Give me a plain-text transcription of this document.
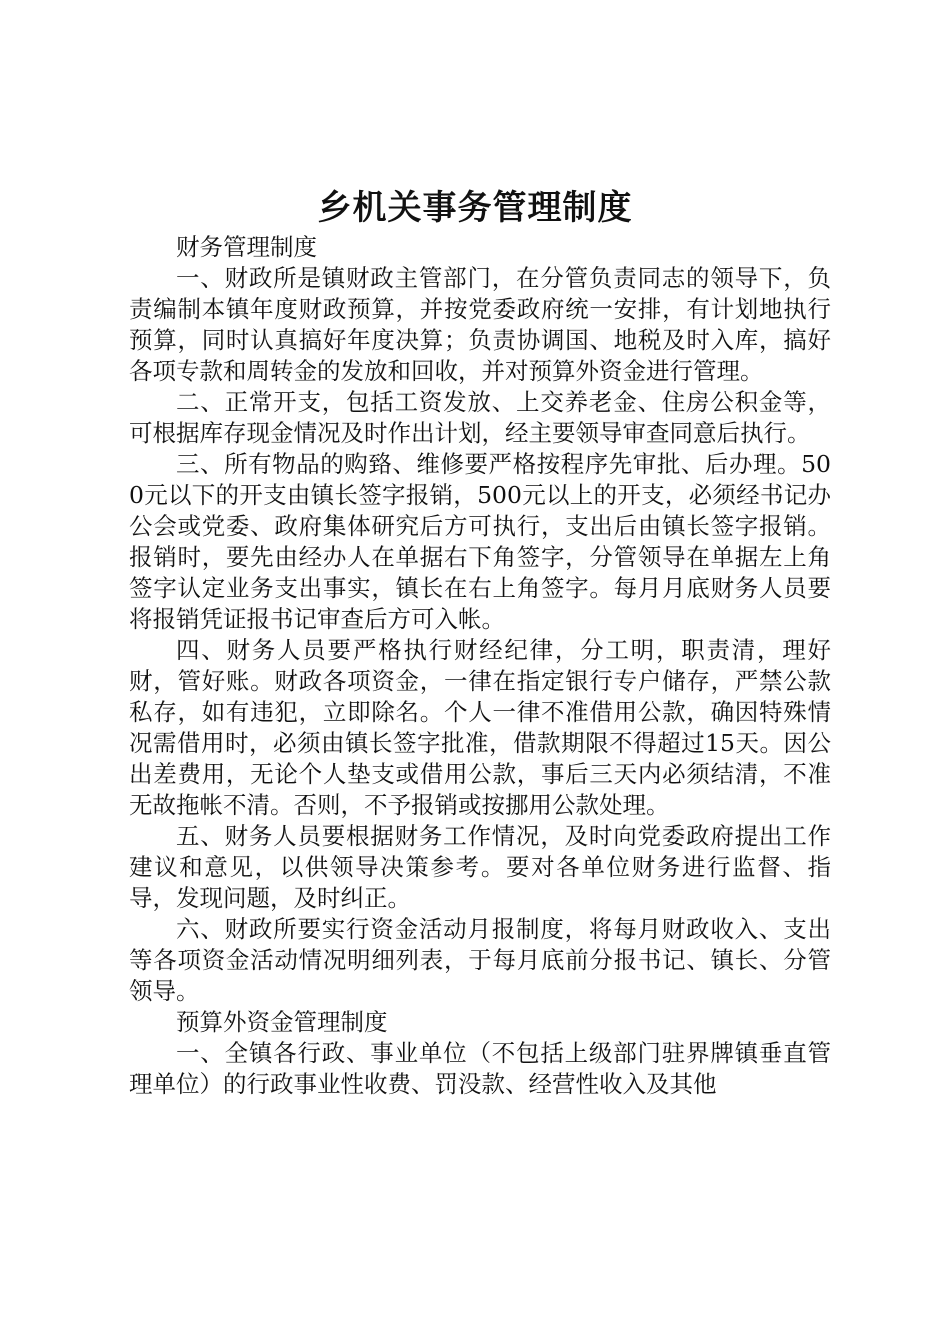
乡机关事务管理制度

财务管理制度

一、财政所是镇财政主管部门，在分管负责同志的领导下，负责编制本镇年度财政预算，并按党委政府统一安排，有计划地执行预算，同时认真搞好年度决算；负责协调国、地税及时入库，搞好各项专款和周转金的发放和回收，并对预算外资金进行管理。

二、正常开支，包括工资发放、上交养老金、住房公积金等，可根据库存现金情况及时作出计划，经主要领导审查同意后执行。

三、所有物品的购臵、维修要严格按程序先审批、后办理。500元以下的开支由镇长签字报销，500元以上的开支，必须经书记办公会或党委、政府集体研究后方可执行，支出后由镇长签字报销。报销时，要先由经办人在单据右下角签字，分管领导在单据左上角签字认定业务支出事实，镇长在右上角签字。每月月底财务人员要将报销凭证报书记审查后方可入帐。

四、财务人员要严格执行财经纪律，分工明，职责清，理好财，管好账。财政各项资金，一律在指定银行专户储存，严禁公款私存，如有违犯，立即除名。个人一律不准借用公款，确因特殊情况需借用时，必须由镇长签字批准，借款期限不得超过15天。因公出差费用，无论个人垫支或借用公款，事后三天内必须结清，不准无故拖帐不清。否则，不予报销或按挪用公款处理。

五、财务人员要根据财务工作情况，及时向党委政府提出工作建议和意见，以供领导决策参考。要对各单位财务进行监督、指导，发现问题，及时纠正。

六、财政所要实行资金活动月报制度，将每月财政收入、支出等各项资金活动情况明细列表，于每月底前分报书记、镇长、分管领导。

预算外资金管理制度

一、全镇各行政、事业单位（不包括上级部门驻界牌镇垂直管理单位）的行政事业性收费、罚没款、经营性收入及其他
